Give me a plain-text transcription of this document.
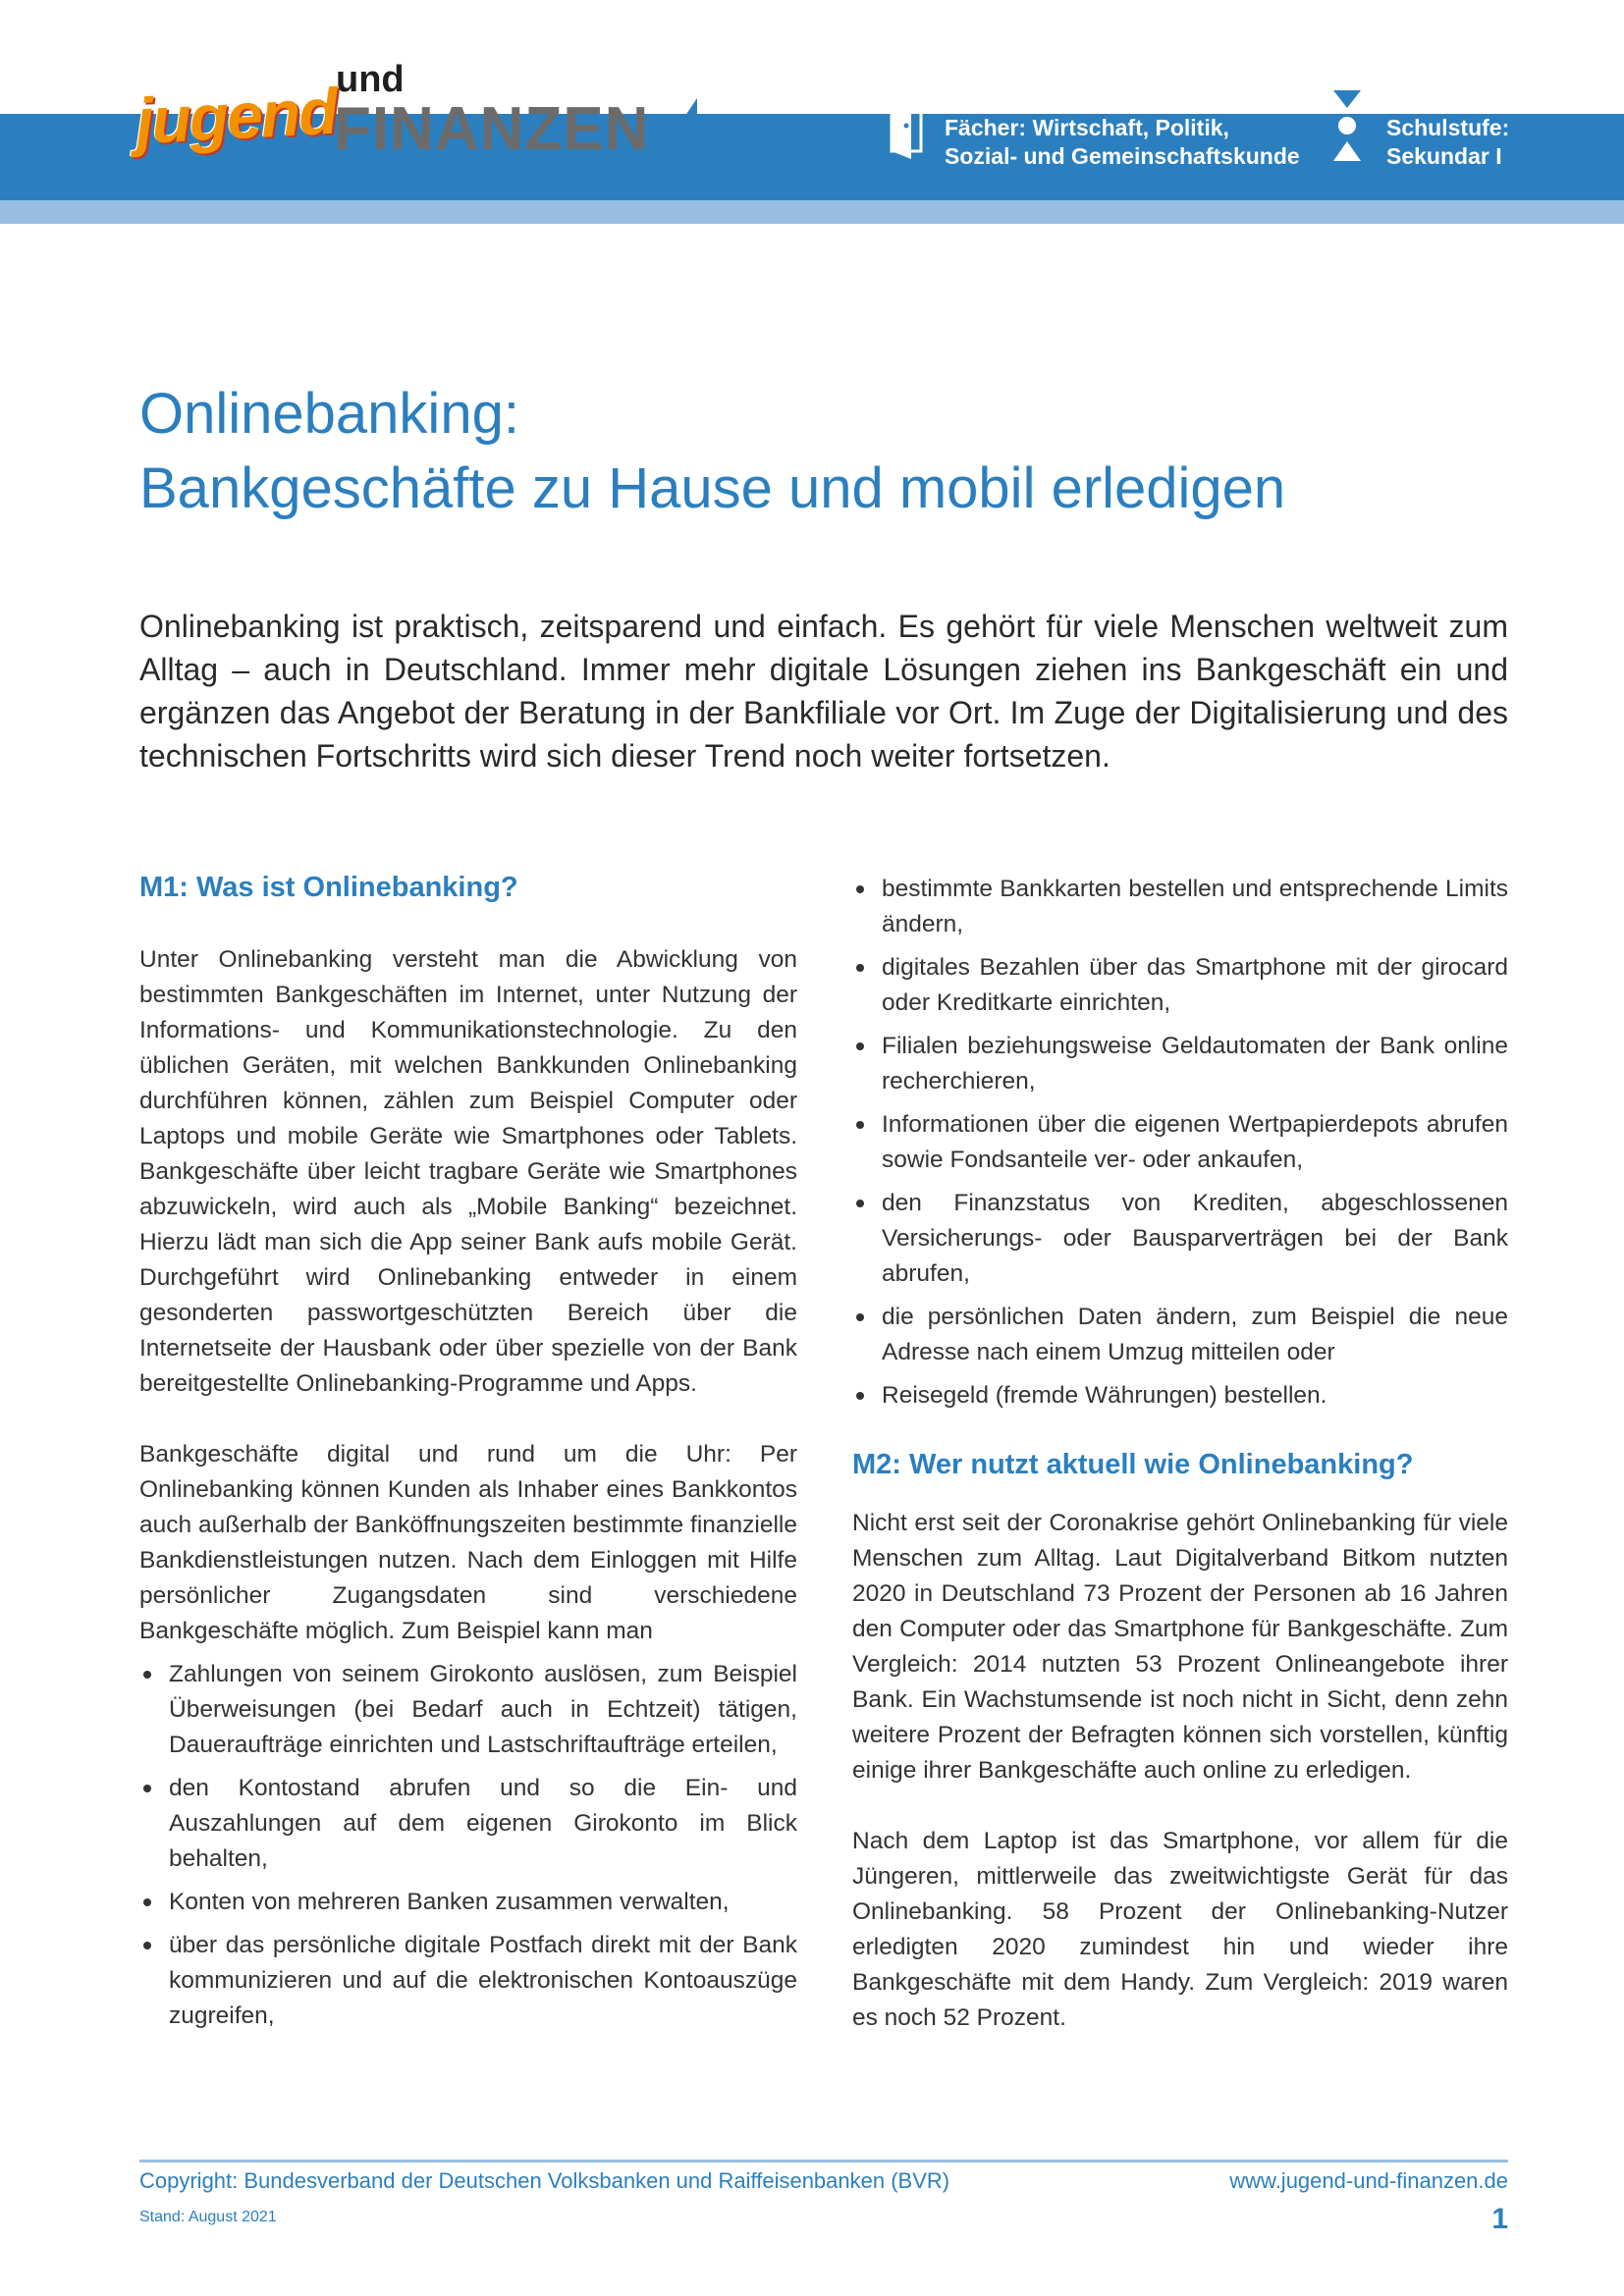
jugend
und
FINANZEN	Fächer: Wirtschaft, Politik,
Sozial- und Gemeinschaftskunde
Schulstufe:
Sekundar I
Onlinebanking:
Bankgeschäfte zu Hause und mobil erledigen

Onlinebanking ist praktisch, zeitsparend und einfach. Es gehört für viele Menschen weltweit zum Alltag – auch in Deutschland. Immer mehr digitale Lösungen ziehen ins Bankgeschäft ein und ergänzen das Angebot der Beratung in der Bankfiliale vor Ort. Im Zuge der Digitalisierung und des technischen Fortschritts wird sich dieser Trend noch weiter fortsetzen.

M1: Was ist Onlinebanking?

Unter Onlinebanking versteht man die Abwicklung von bestimmten Bankgeschäften im Internet, unter Nutzung der Informations- und Kommunikationstechnologie. Zu den üblichen Geräten, mit welchen Bankkunden Onlinebanking durchführen können, zählen zum Beispiel Computer oder Laptops und mobile Geräte wie Smartphones oder Tablets. Bankgeschäfte über leicht tragbare Geräte wie Smartphones abzuwickeln, wird auch als „Mobile Banking“ bezeichnet. Hierzu lädt man sich die App seiner Bank aufs mobile Gerät. Durchgeführt wird Onlinebanking entweder in einem gesonderten passwortgeschützten Bereich über die Internetseite der Hausbank oder über spezielle von der Bank bereitgestellte Onlinebanking-Programme und Apps.

Bankgeschäfte digital und rund um die Uhr: Per Onlinebanking können Kunden als Inhaber eines Bankkontos auch außerhalb der Banköffnungszeiten bestimmte finanzielle Bankdienstleistungen nutzen. Nach dem Einloggen mit Hilfe persönlicher Zugangsdaten sind verschiedene Bankgeschäfte möglich. Zum Beispiel kann man

Zahlungen von seinem Girokonto auslösen, zum Beispiel Überweisungen (bei Bedarf auch in Echtzeit) tätigen, Daueraufträge einrichten und Lastschriftaufträge erteilen,
den Kontostand abrufen und so die Ein- und Auszahlungen auf dem eigenen Girokonto im Blick behalten,
Konten von mehreren Banken zusammen verwalten,
über das persönliche digitale Postfach direkt mit der Bank kommunizieren und auf die elektronischen Kontoauszüge zugreifen,
bestimmte Bankkarten bestellen und entsprechende Limits ändern,
digitales Bezahlen über das Smartphone mit der girocard oder Kreditkarte einrichten,
Filialen beziehungsweise Geldautomaten der Bank online recherchieren,
Informationen über die eigenen Wertpapierdepots abrufen sowie Fondsanteile ver- oder ankaufen,
den Finanzstatus von Krediten, abgeschlossenen Versicherungs- oder Bausparverträgen bei der Bank abrufen,
die persönlichen Daten ändern, zum Beispiel die neue Adresse nach einem Umzug mitteilen oder
Reisegeld (fremde Währungen) bestellen.
M2: Wer nutzt aktuell wie Onlinebanking?

Nicht erst seit der Coronakrise gehört Onlinebanking für viele Menschen zum Alltag. Laut Digitalverband Bitkom nutzten 2020 in Deutschland 73 Prozent der Personen ab 16 Jahren den Computer oder das Smartphone für Bankgeschäfte. Zum Vergleich: 2014 nutzten 53 Prozent Onlineangebote ihrer Bank. Ein Wachstumsende ist noch nicht in Sicht, denn zehn weitere Prozent der Befragten können sich vorstellen, künftig einige ihrer Bankgeschäfte auch online zu erledigen.

Nach dem Laptop ist das Smartphone, vor allem für die Jüngeren, mittlerweile das zweitwichtigste Gerät für das Onlinebanking. 58 Prozent der Onlinebanking-Nutzer erledigten 2020 zumindest hin und wieder ihre Bankgeschäfte mit dem Handy. Zum Vergleich: 2019 waren es noch 52 Prozent.

Copyright: Bundesverband der Deutschen Volksbanken und Raiffeisenbanken (BVR)	www.jugend-und-finanzen.de
Stand: August 2021	1
